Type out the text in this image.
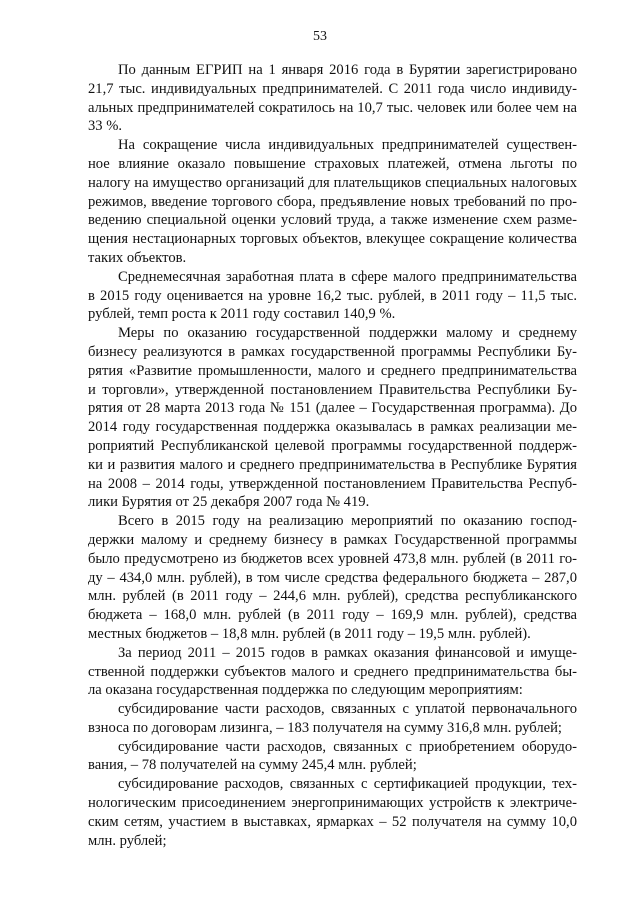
53
По данным ЕГРИП на 1 января 2016 года в Бурятии зарегистрировано
21,7 тыс. индивидуальных предпринимателей. С 2011 года число индивиду-
альных предпринимателей сократилось на 10,7 тыс. человек или более чем на
33 %.
На сокращение числа индивидуальных предпринимателей существен-
ное влияние оказало повышение страховых платежей, отмена льготы по
налогу на имущество организаций для плательщиков специальных налоговых
режимов, введение торгового сбора, предъявление новых требований по про-
ведению специальной оценки условий труда, а также изменение схем разме-
щения нестационарных торговых объектов, влекущее сокращение количества
таких объектов.
Среднемесячная заработная плата в сфере малого предпринимательства
в 2015 году оценивается на уровне 16,2 тыс. рублей, в 2011 году – 11,5 тыс.
рублей, темп роста к 2011 году составил 140,9 %.
Меры по оказанию государственной поддержки малому и среднему
бизнесу реализуются в рамках государственной программы Республики Бу-
рятия «Развитие промышленности, малого и среднего предпринимательства
и торговли», утвержденной постановлением Правительства Республики Бу-
рятия от 28 марта 2013 года № 151 (далее – Государственная программа). До
2014 году государственная поддержка оказывалась в рамках реализации ме-
роприятий Республиканской целевой программы государственной поддерж-
ки и развития малого и среднего предпринимательства в Республике Бурятия
на 2008 – 2014 годы, утвержденной постановлением Правительства Респуб-
лики Бурятия от 25 декабря 2007 года № 419.
Всего в 2015 году на реализацию мероприятий по оказанию господ-
держки малому и среднему бизнесу в рамках Государственной программы
было предусмотрено из бюджетов всех уровней 473,8 млн. рублей (в 2011 го-
ду – 434,0 млн. рублей), в том числе средства федерального бюджета – 287,0
млн. рублей (в 2011 году – 244,6 млн. рублей), средства республиканского
бюджета – 168,0 млн. рублей (в 2011 году – 169,9 млн. рублей), средства
местных бюджетов – 18,8 млн. рублей (в 2011 году – 19,5 млн. рублей).
За период 2011 – 2015 годов в рамках оказания финансовой и имуще-
ственной поддержки субъектов малого и среднего предпринимательства бы-
ла оказана государственная поддержка по следующим мероприятиям:
субсидирование части расходов, связанных с уплатой первоначального
взноса по договорам лизинга, – 183 получателя на сумму 316,8 млн. рублей;
субсидирование части расходов, связанных с приобретением оборудо-
вания, – 78 получателей на сумму 245,4 млн. рублей;
субсидирование расходов, связанных с сертификацией продукции, тех-
нологическим присоединением энергопринимающих устройств к электриче-
ским сетям, участием в выставках, ярмарках – 52 получателя на сумму 10,0
млн. рублей;
